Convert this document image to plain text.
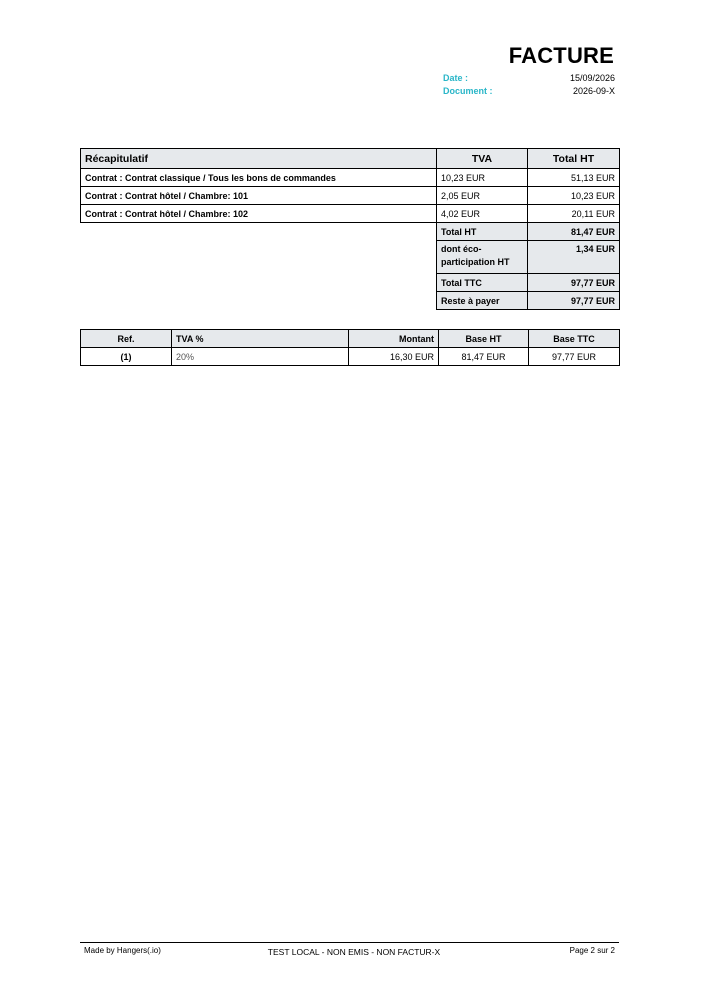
FACTURE
Date :	15/09/2026
Document :	2026-09-X
Récapitulatif	TVA	Total HT
Contrat : Contrat classique / Tous les bons de commandes	10,23 EUR	51,13 EUR
Contrat : Contrat hôtel / Chambre: 101	2,05 EUR	10,23 EUR
Contrat : Contrat hôtel / Chambre: 102	4,02 EUR	20,11 EUR
	Total HT	81,47 EUR
	dont éco-participation HT	1,34 EUR
	Total TTC	97,77 EUR
	Reste à payer	97,77 EUR
Ref.	TVA %	Montant	Base HT	Base TTC
(1)	20%	16,30 EUR	81,47 EUR	97,77 EUR
Made by Hangers(.io)	TEST LOCAL - NON EMIS - NON FACTUR-X	Page 2 sur 2
